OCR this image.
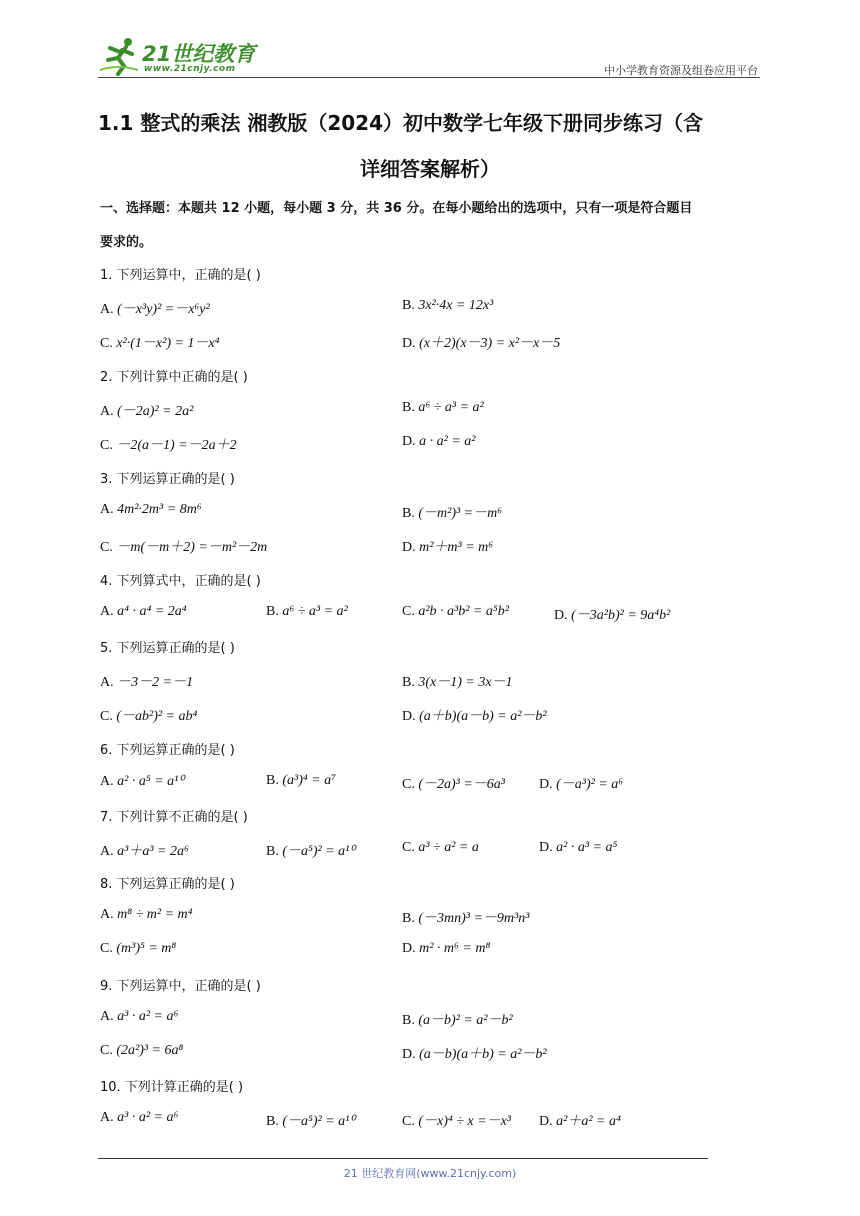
21世纪教育
www.21cnjy.com	中小学教育资源及组卷应用平台
1.1 整式的乘法 湘教版（2024）初中数学七年级下册同步练习（含
详细答案解析）
一、选择题：本题共 12 小题，每小题 3 分，共 36 分。在每小题给出的选项中，只有一项是符合题目
要求的。
1. 下列运算中，正确的是( )
A. (－x³y)² =－x⁶y²	B. 3x²·4x = 12x³
C. x²·(1－x²) = 1－x⁴	D. (x＋2)(x－3) = x²－x－5
2. 下列计算中正确的是( )
A. (－2a)² = 2a²	B. a⁶ ÷ a³ = a²
C. －2(a－1) =－2a＋2	D. a · a² = a²
3. 下列运算正确的是( )
A. 4m²·2m³ = 8m⁶	B. (－m²)³ =－m⁶
C. －m(－m＋2) =－m²－2m	D. m²＋m³ = m⁶
4. 下列算式中，正确的是( )
A. a⁴ · a⁴ = 2a⁴	B. a⁶ ÷ a³ = a²	C. a²b · a³b² = a⁵b²	D. (－3a²b)² = 9a⁴b²
5. 下列运算正确的是( )
A. －3－2 =－1	B. 3(x－1) = 3x－1
C. (－ab²)² = ab⁴	D. (a＋b)(a－b) = a²－b²
6. 下列运算正确的是( )
A. a² · a⁵ = a¹⁰	B. (a³)⁴ = a⁷	C. (－2a)³ =－6a³ D. (－a³)² = a⁶
7. 下列计算不正确的是( )
A. a³＋a³ = 2a⁶	B. (－a⁵)² = a¹⁰	C. a³ ÷ a² = a	D. a² · a³ = a⁵
8. 下列运算正确的是( )
A. m⁸ ÷ m² = m⁴	B. (－3mn)³ =－9m³n³
C. (m³)⁵ = m⁸	D. m² · m⁶ = m⁸
9. 下列运算中，正确的是( )
A. a³ · a² = a⁶	B. (a－b)² = a²－b²
C. (2a²)³ = 6a⁸	D. (a－b)(a＋b) = a²－b²
10. 下列计算正确的是( )
A. a³ · a² = a⁶	B. (－a⁵)² = a¹⁰	C. (－x)⁴ ÷ x =－x³ D. a²＋a² = a⁴
21 世纪教育网(www.21cnjy.com)
